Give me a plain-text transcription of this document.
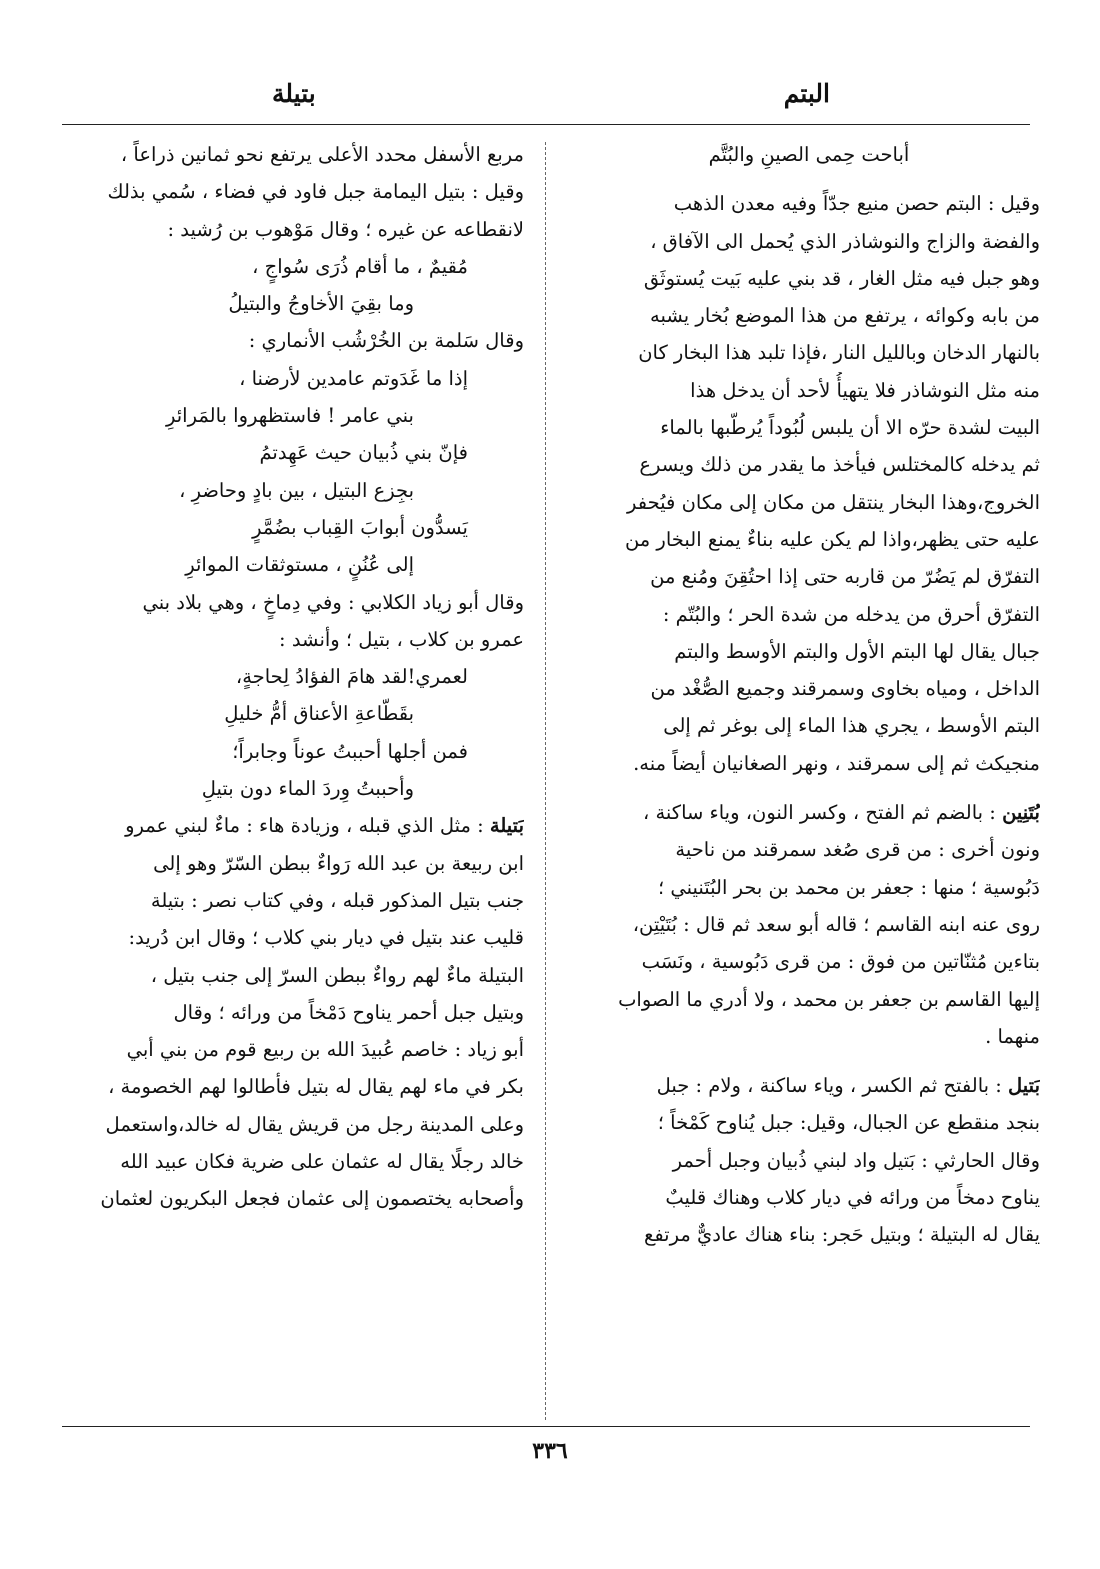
البتم
بتيلة
أباحت حِمى الصينِ والبُتَّم
وقيل : البتم حصن منيع جدّاً وفيه معدن الذهب
والفضة والزاج والنوشاذر الذي يُحمل الى الآفاق ،
وهو جبل فيه مثل الغار ، قد بني عليه بَيت يُستوثَق
من بابه وكوائه ، يرتفع من هذا الموضع بُخار يشبه
بالنهار الدخان وبالليل النار ،فإذا تلبد هذا البخار كان
منه مثل النوشاذر فلا يتهيأُ لأحد أن يدخل هذا
البيت لشدة حرّه الا أن يلبس لُبُوداً يُرطّبها بالماء
ثم يدخله كالمختلس فيأخذ ما يقدر من ذلك ويسرع
الخروج،وهذا البخار ينتقل من مكان إلى مكان فيُحفر
عليه حتى يظهر،واذا لم يكن عليه بناءٌ يمنع البخار من
التفرّق لم يَضُرّ من قاربه حتى إذا احتُقِنَ ومُنع من
التفرّق أحرق من يدخله من شدة الحر ؛ والبُتّم :
جبال يقال لها البتم الأول والبتم الأوسط والبتم
الداخل ، ومياه بخاوى وسمرقند وجميع الصُّغْد من
البتم الأوسط ، يجري هذا الماء إلى بوغر ثم إلى
منجيكث ثم إلى سمرقند ، ونهر الصغانيان أيضاً منه.
بُتَنِين : بالضم ثم الفتح ، وكسر النون، وياء ساكنة ،
ونون أخرى : من قرى صُغد سمرقند من ناحية
دَبُوسية ؛ منها : جعفر بن محمد بن بحر البُتَنيني ؛
روى عنه ابنه القاسم ؛ قاله أبو سعد ثم قال : بُتَيْتِن،
بتاءين مُثنّاتين من فوق : من قرى دَبُوسية ، ونَسَب
إليها القاسم بن جعفر بن محمد ، ولا أدري ما الصواب
منهما .
بَتيل : بالفتح ثم الكسر ، وياء ساكنة ، ولام : جبل
بنجد منقطع عن الجبال، وقيل: جبل يُناوح كَمْخاً ؛
وقال الحارثي : بَتيل واد لبني ذُبيان وجبل أحمر
يناوح دمخاً من ورائه في ديار كلاب وهناك قليبٌ
يقال له البتيلة ؛ وبتيل حَجر: بناء هناك عاديٌّ مرتفع
مربع الأسفل محدد الأعلى يرتفع نحو ثمانين ذراعاً ،
وقيل : بتيل اليمامة جبل فاود في فضاء ، سُمي بذلك
لانقطاعه عن غيره ؛ وقال مَوْهوب بن رُشيد :
مُقيمٌ ، ما أقام ذُرَى سُواجٍ ،
وما بقِيَ الأخاوجُ والبتيلُ
وقال سَلمة بن الخُرْشُب الأنماري :
إذا ما غَدَوتم عامدين لأرضنا ،
بني عامر ! فاستظهروا بالمَرائرِ
فإنّ بني ذُبيان حيث عَهِدتمُ
بجِزع البتيل ، بين بادٍ وحاضرِ ،
يَسدُّون أبوابَ القِباب بضُمَّرٍ
إلى عُنُنٍ ، مستوثقات الموائرِ
وقال أبو زياد الكلابي : وفي دِماخٍ ، وهي بلاد بني
عمرو بن كلاب ، بتيل ؛ وأنشد :
لعمري!لقد هامَ الفؤادُ لِحاجةٍ،
بقَطّاعةِ الأعناق أمُّ خليلِ
فمن أجلها أحببتُ عوناً وجابراً؛
وأحببتُ وِردَ الماء دون بتيلِ
بَتيلة : مثل الذي قبله ، وزيادة هاء : ماءٌ لبني عمرو
ابن ربيعة بن عبد الله رَواءٌ ببطن السّرّ وهو إلى
جنب بتيل المذكور قبله ، وفي كتاب نصر : بتيلة
قليب عند بتيل في ديار بني كلاب ؛ وقال ابن دُريد:
البتيلة ماءٌ لهم رواءٌ ببطن السرّ إلى جنب بتيل ،
وبتيل جبل أحمر يناوح دَمْخاً من ورائه ؛ وقال
أبو زياد : خاصم عُبيدَ الله بن ربيع قوم من بني أبي
بكر في ماء لهم يقال له بتيل فأطالوا لهم الخصومة ،
وعلى المدينة رجل من قريش يقال له خالد،واستعمل
خالد رجلًا يقال له عثمان على ضرية فكان عبيد الله
وأصحابه يختصمون إلى عثمان فجعل البكريون لعثمان
٣٣٦
